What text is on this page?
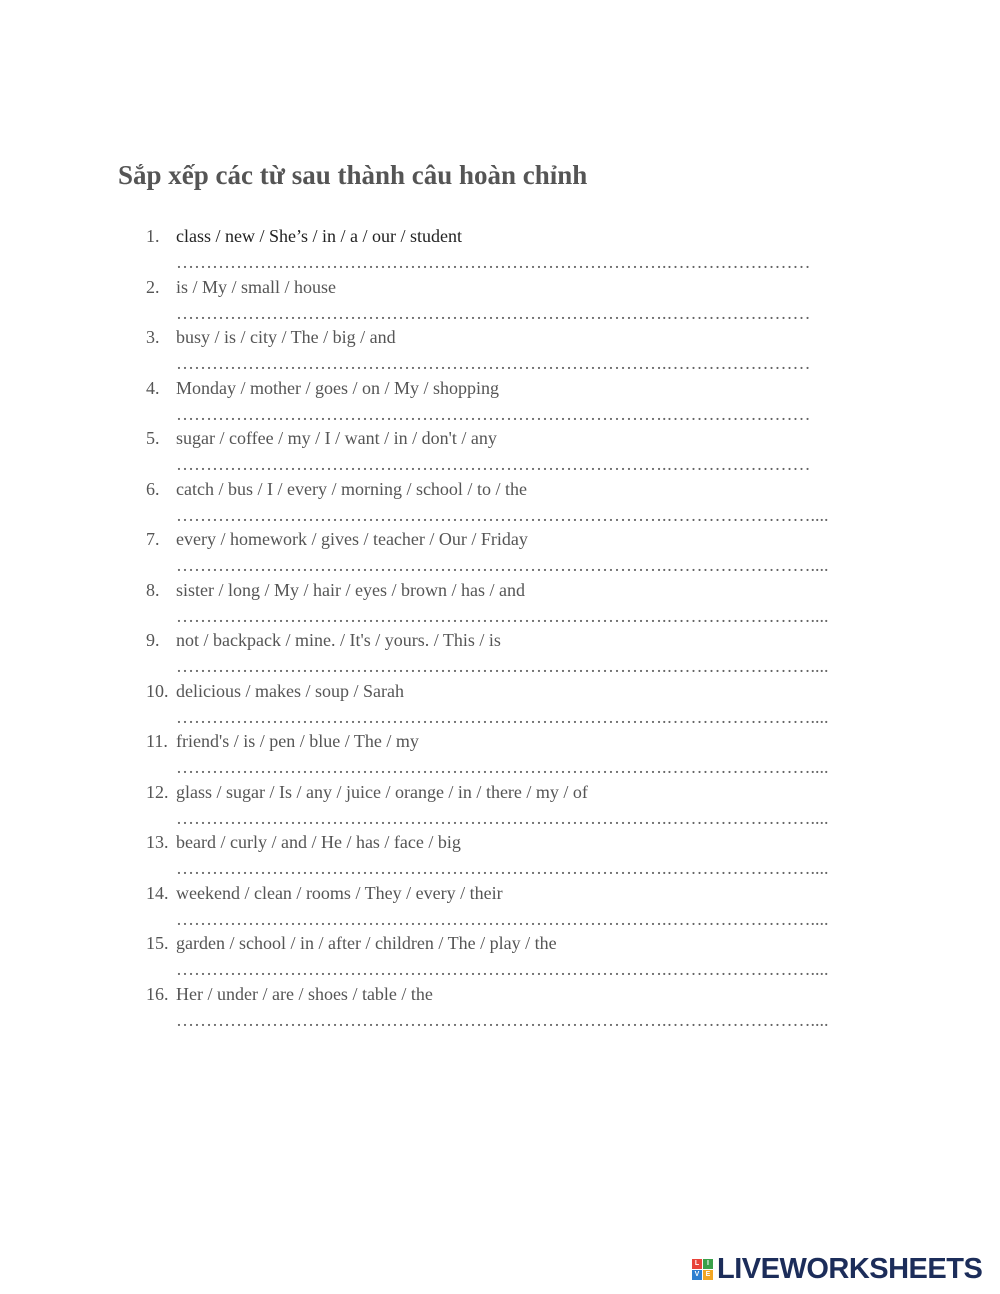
Sắp xếp các từ sau thành câu hoàn chỉnh
1. class / new / She’s / in / a / our / student
……………………………………………………………………….……………………
2. is / My / small / house
……………………………………………………………………….……………………
3. busy / is / city / The / big / and
……………………………………………………………………….……………………
4. Monday / mother / goes / on / My / shopping
……………………………………………………………………….……………………
5. sugar / coffee / my / I / want / in / don't / any
……………………………………………………………………….……………………
6. catch / bus / I / every / morning / school / to / the
……………………………………………………………………….……………………....
7. every / homework / gives / teacher / Our / Friday
……………………………………………………………………….……………………....
8. sister / long / My / hair / eyes / brown / has / and
……………………………………………………………………….……………………....
9. not / backpack / mine. / It's / yours. / This / is
……………………………………………………………………….……………………....
10. delicious / makes / soup / Sarah
……………………………………………………………………….……………………....
11. friend's / is / pen / blue / The / my
……………………………………………………………………….……………………....
12. glass / sugar / Is / any / juice / orange / in / there / my / of
……………………………………………………………………….……………………....
13. beard / curly / and / He / has / face / big
……………………………………………………………………….……………………....
14. weekend / clean / rooms / They / every / their
……………………………………………………………………….……………………....
15. garden / school / in / after / children / The / play / the
……………………………………………………………………….……………………....
16. Her / under / are / shoes / table / the
……………………………………………………………………….……………………....
L	I
V E LIVEWORKSHEETS
